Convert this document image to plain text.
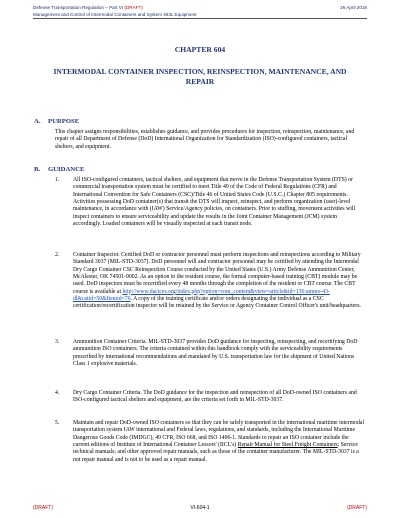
Defense Transportation Regulation – Part VI (DRAFT)	26 April 2018
Management and Control of Intermodal Containers and System 463L Equipment
CHAPTER 604
INTERMODAL CONTAINER INSPECTION, REINSPECTION, MAINTENANCE, AND REPAIR
A. PURPOSE
This chapter assigns responsibilities, establishes guidance, and provides procedures for inspection, reinspection, maintenance, and repair of all Department of Defense (DoD) International Organization for Standardization (ISO)-configured containers, tactical shelters, and equipment.
B. GUIDANCE
1. All ISO-configured containers, tactical shelters, and equipment that move in the Defense Transportation System (DTS) or commercial transportation system must be certified to meet Title 49 of the Code of Federal Regulations (CFR) and International Convention for Safe Containers (CSC)/Title 46 of United States Code (U.S.C.) Chapter 805 requirements. Activities possessing DoD container(s) that transit the DTS will inspect, reinspect, and perform organization (user)-level maintenance, in accordance with (IAW) Service/Agency policies, on containers. Prior to stuffing, movement activities will inspect containers to ensure serviceability and update the results in the Joint Container Management (JCM) system accordingly. Loaded containers will be visually inspected at each transit node.
2. Container Inspector. Certified DoD or contractor personnel must perform inspections and reinspections according to Military Standard 3037 (MIL-STD-3037). DoD personnel will and contractor personnel may be certified by attending the Intermodal Dry Cargo Container CSC Reinspection Course conducted by the United States (U.S.) Army Defense Ammunition Center, McAlester, OK 74501-9002. As an option to the resident course, the formal computer-based training (CBT) module may be used. DoD inspectors must be recertified every 48 months through the completion of the resident or CBT course. The CBT course is available at http://www.dactces.org/index.php?option=com_content&view=article&id=136:ammo-43-dl&catid=50&Itemid=76. A copy of the training certificate and/or orders designating the individual as a CSC certification/recertification inspector will be retained by the Service or Agency Container Control Officer's unit/headquarters.
3. Ammunition Container Criteria. MIL-STD-3037 provides DoD guidance for inspecting, reinspecting, and recertifying DoD ammunition ISO containers. The criteria contained within this handbook comply with the serviceability requirements prescribed by international recommendations and mandated by U.S. transportation law for the shipment of United Nations Class 1 explosive materials.
4. Dry Cargo Container Criteria. The DoD guidance for the inspection and reinspection of all DoD-owned ISO containers and ISO-configured tactical shelters and equipment, are the criteria set forth in MIL-STD-3037.
5. Maintain and repair DoD-owned ISO containers so that they can be safely transported in the international maritime intermodal transportation system IAW international and Federal laws, regulations, and standards, including the International Maritime Dangerous Goods Code (IMDGC), 49 CFR, ISO 668, and ISO 1496-1. Standards to repair an ISO container include the current editions of Institute of International Container Lessors' (IICL's) Repair Manual for Steel Freight Containers; Service technical manuals; and other approved repair manuals, such as those of the container manufacturer. The MIL-STD-3037 is a not repair manual and is not to be used as a repair manual.
(DRAFT)	VI-604-1	(DRAFT)
